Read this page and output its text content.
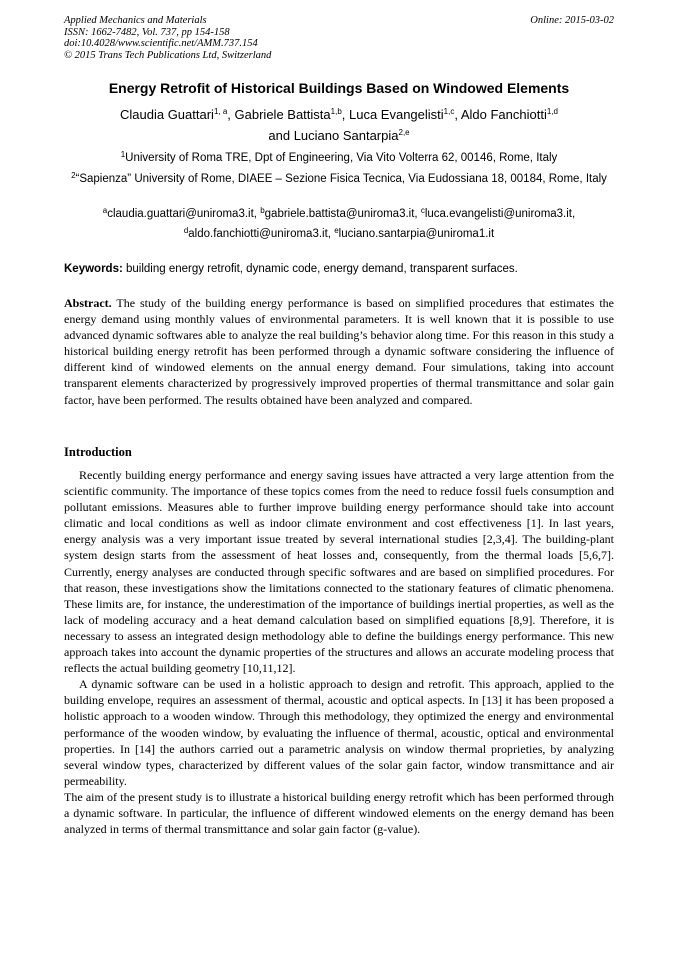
Applied Mechanics and Materials
ISSN: 1662-7482, Vol. 737, pp 154-158
doi:10.4028/www.scientific.net/AMM.737.154
© 2015 Trans Tech Publications Ltd, Switzerland
Online: 2015-03-02
Energy Retrofit of Historical Buildings Based on Windowed Elements
Claudia Guattari$^{1, a}$, Gabriele Battista$^{1,b}$, Luca Evangelisti$^{1,c}$, Aldo Fanchiotti$^{1,d}$
and Luciano Santarpia$^{2,e}$
$^1$University of Roma TRE, Dpt of Engineering, Via Vito Volterra 62, 00146, Rome, Italy
$^2$“Sapienza” University of Rome, DIAEE – Sezione Fisica Tecnica, Via Eudossiana 18, 00184, Rome, Italy
$^a$claudia.guattari@uniroma3.it, $^b$gabriele.battista@uniroma3.it, $^c$luca.evangelisti@uniroma3.it,
$^d$aldo.fanchiotti@uniroma3.it, $^e$luciano.santarpia@uniroma1.it
Keywords: building energy retrofit, dynamic code, energy demand, transparent surfaces.

Abstract. The study of the building energy performance is based on simplified procedures that estimates the energy demand using monthly values of environmental parameters. It is well known that it is possible to use advanced dynamic softwares able to analyze the real building’s behavior along time. For this reason in this study a historical building energy retrofit has been performed through a dynamic software considering the influence of different kind of windowed elements on the annual energy demand. Four simulations, taking into account transparent elements characterized by progressively improved properties of thermal transmittance and solar gain factor, have been performed. The results obtained have been analyzed and compared.

Introduction

Recently building energy performance and energy saving issues have attracted a very large attention from the scientific community. The importance of these topics comes from the need to reduce fossil fuels consumption and pollutant emissions. Measures able to further improve building energy performance should take into account climatic and local conditions as well as indoor climate environment and cost effectiveness [1]. In last years, energy analysis was a very important issue treated by several international studies [2,3,4]. The building-plant system design starts from the assessment of heat losses and, consequently, from the thermal loads [5,6,7]. Currently, energy analyses are conducted through specific softwares and are based on simplified procedures. For that reason, these investigations show the limitations connected to the stationary features of climatic phenomena. These limits are, for instance, the underestimation of the importance of buildings inertial properties, as well as the lack of modeling accuracy and a heat demand calculation based on simplified equations [8,9]. Therefore, it is necessary to assess an integrated design methodology able to define the buildings energy performance. This new approach takes into account the dynamic properties of the structures and allows an accurate modeling process that reflects the actual building geometry [10,11,12].

A dynamic software can be used in a holistic approach to design and retrofit. This approach, applied to the building envelope, requires an assessment of thermal, acoustic and optical aspects. In [13] it has been proposed a holistic approach to a wooden window. Through this methodology, they optimized the energy and environmental performance of the wooden window, by evaluating the influence of thermal, acoustic, optical and environmental properties. In [14] the authors carried out a parametric analysis on window thermal proprieties, by analyzing several window types, characterized by different values of the solar gain factor, window transmittance and air permeability.

The aim of the present study is to illustrate a historical building energy retrofit which has been performed through a dynamic software. In particular, the influence of different windowed elements on the energy demand has been analyzed in terms of thermal transmittance and solar gain factor (g-value).
